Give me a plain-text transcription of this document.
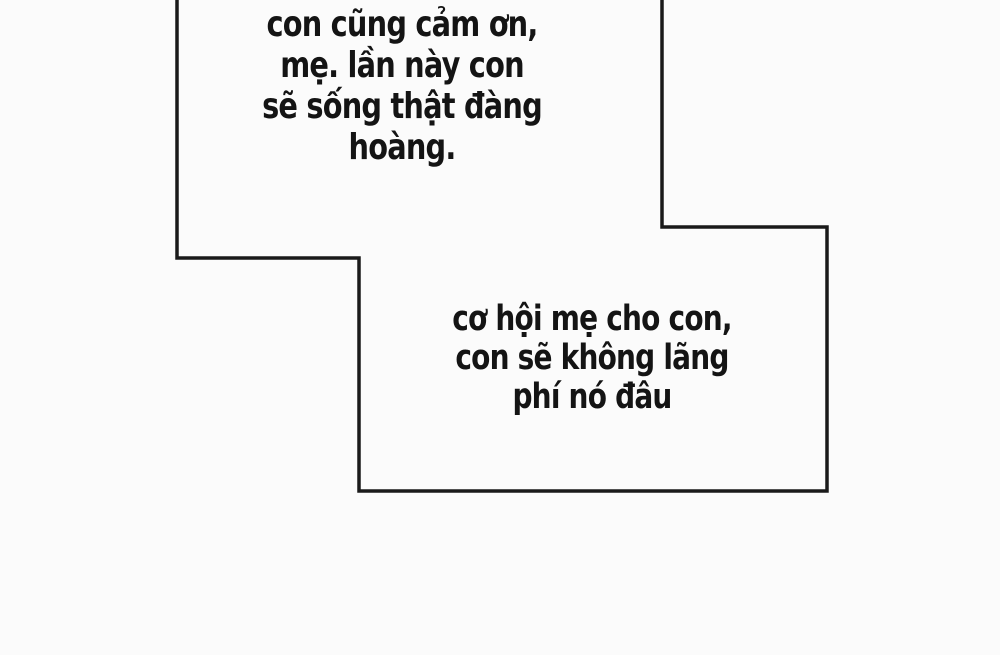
con cũng cảm ơn,
mẹ. lần này con
sẽ sống thật đàng
hoàng.
cơ hội mẹ cho con,
con sẽ không lãng
phí nó đâu
